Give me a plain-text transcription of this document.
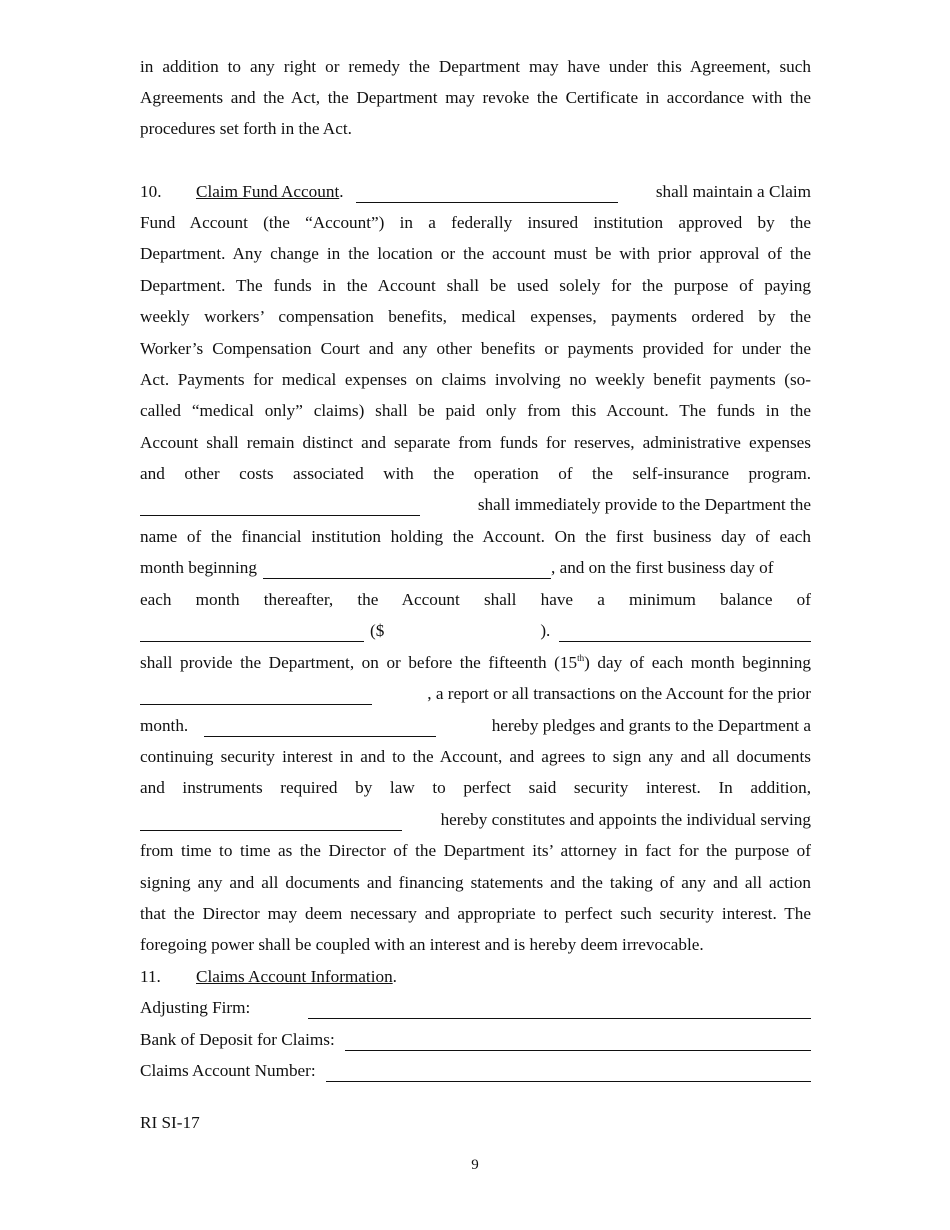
in addition to any right or remedy the Department may have under this Agreement, such
Agreements and the Act, the Department may revoke the Certificate in accordance with the
procedures set forth in the Act.
10.	Claim Fund Account .	shall maintain a Claim
Fund Account (the “Account”) in a federally insured institution approved by the
Department. Any change in the location or the account must be with prior approval of the
Department. The funds in the Account shall be used solely for the purpose of paying
weekly workers’ compensation benefits, medical expenses, payments ordered by the
Worker’s Compensation Court and any other benefits or payments provided for under the
Act. Payments for medical expenses on claims involving no weekly benefit payments (so-
called “medical only” claims) shall be paid only from this Account. The funds in the
Account shall remain distinct and separate from funds for reserves, administrative expenses
and other costs associated with the operation of the self-insurance program.
shall immediately provide to the Department the
name of the financial institution holding the Account. On the first business day of each
month beginning	, and on the first business day of
each month thereafter, the Account shall have a minimum balance of
($	).
shall provide the Department, on or before the fifteenth (15th) day of each month beginning
, a report or all transactions on the Account for the prior
month.	hereby pledges and grants to the Department a
continuing security interest in and to the Account, and agrees to sign any and all documents
and instruments required by law to perfect said security interest. In addition,
hereby constitutes and appoints the individual serving
from time to time as the Director of the Department its’ attorney in fact for the purpose of
signing any and all documents and financing statements and the taking of any and all action
that the Director may deem necessary and appropriate to perfect such security interest. The
foregoing power shall be coupled with an interest and is hereby deem irrevocable.
11. Claims Account Information.
Adjusting Firm:
Bank of Deposit for Claims:
Claims Account Number:
RI SI-17
9
